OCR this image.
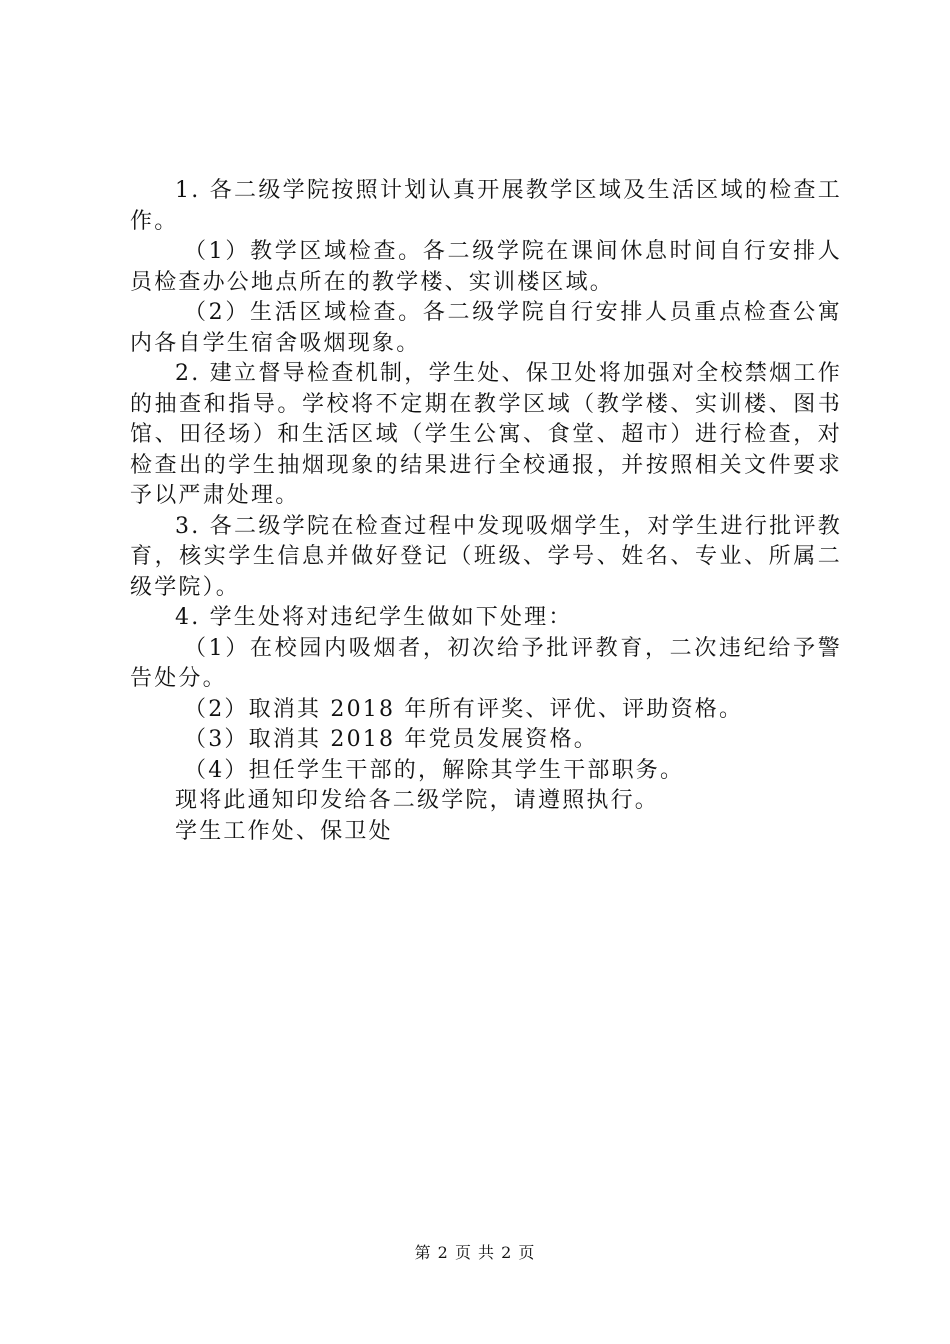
1. 各二级学院按照计划认真开展教学区域及生活区域的检查工作。

（1）教学区域检查。各二级学院在课间休息时间自行安排人员检查办公地点所在的教学楼、实训楼区域。

（2）生活区域检查。各二级学院自行安排人员重点检查公寓内各自学生宿舍吸烟现象。

2. 建立督导检查机制，学生处、保卫处将加强对全校禁烟工作的抽查和指导。学校将不定期在教学区域（教学楼、实训楼、图书馆、田径场）和生活区域（学生公寓、食堂、超市）进行检查，对检查出的学生抽烟现象的结果进行全校通报，并按照相关文件要求予以严肃处理。

3. 各二级学院在检查过程中发现吸烟学生，对学生进行批评教育，核实学生信息并做好登记（班级、学号、姓名、专业、所属二级学院）。

4. 学生处将对违纪学生做如下处理：

（1）在校园内吸烟者，初次给予批评教育，二次违纪给予警告处分。

（2）取消其 2018 年所有评奖、评优、评助资格。

（3）取消其 2018 年党员发展资格。

（4）担任学生干部的，解除其学生干部职务。

现将此通知印发给各二级学院，请遵照执行。

学生工作处、保卫处

第 2 页 共 2 页
